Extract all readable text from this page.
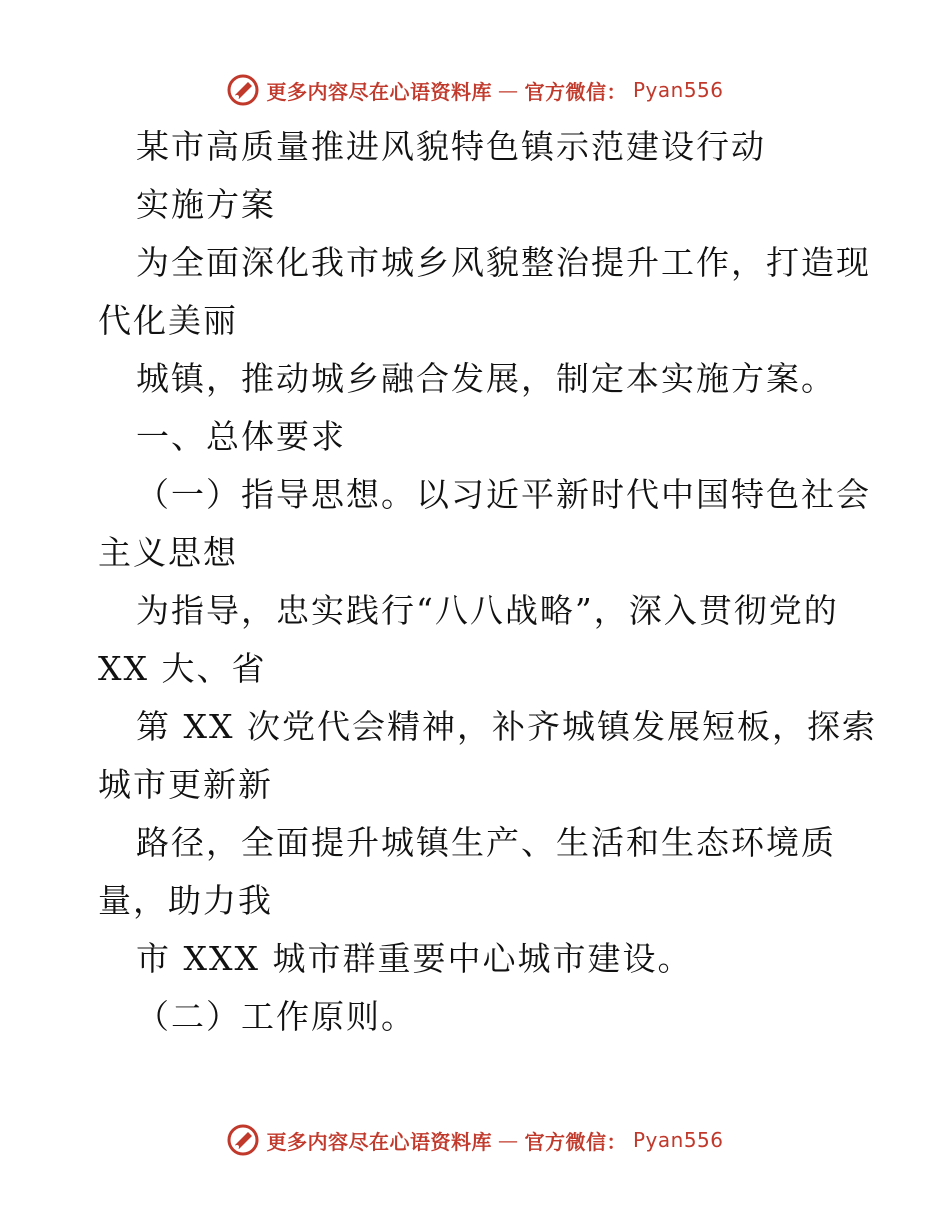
更多内容尽在心语资料库 — 官方微信： Pyan556
某市高质量推进风貌特色镇示范建设行动
实施方案
为全面深化我市城乡风貌整治提升工作，打造现
代化美丽
城镇，推动城乡融合发展，制定本实施方案。
一、总体要求
（一）指导思想。以习近平新时代中国特色社会
主义思想
为指导，忠实践行“八八战略”，深入贯彻党的
XX 大、省
第 XX 次党代会精神，补齐城镇发展短板，探索
城市更新新
路径，全面提升城镇生产、生活和生态环境质
量，助力我
市 XXX 城市群重要中心城市建设。
（二）工作原则。
更多内容尽在心语资料库 — 官方微信： Pyan556
